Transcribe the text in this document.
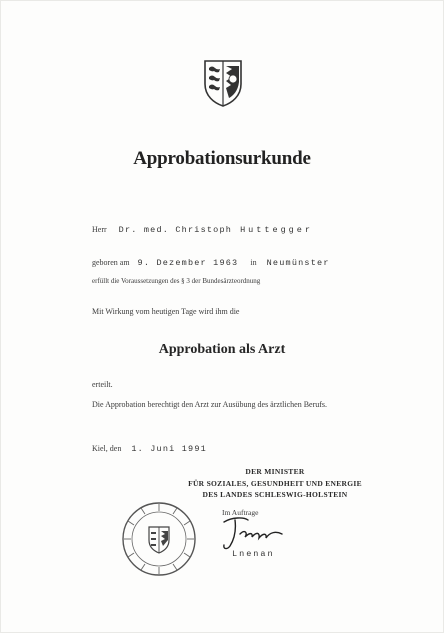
Approbationsurkunde
Herr Dr. med. Christoph Huttegger
geboren am 9. Dezember 1963 in Neumünster
erfüllt die Voraussetzungen des § 3 der Bundesärzteordnung
Mit Wirkung vom heutigen Tage wird ihm die
Approbation als Arzt
erteilt.
Die Approbation berechtigt den Arzt zur Ausübung des ärztlichen Berufs.
Kiel, den 1. Juni 1991
DER MINISTER
FÜR SOZIALES, GESUNDHEIT UND ENERGIE
DES LANDES SCHLESWIG-HOLSTEIN
Im Auftrage
Lnenan
